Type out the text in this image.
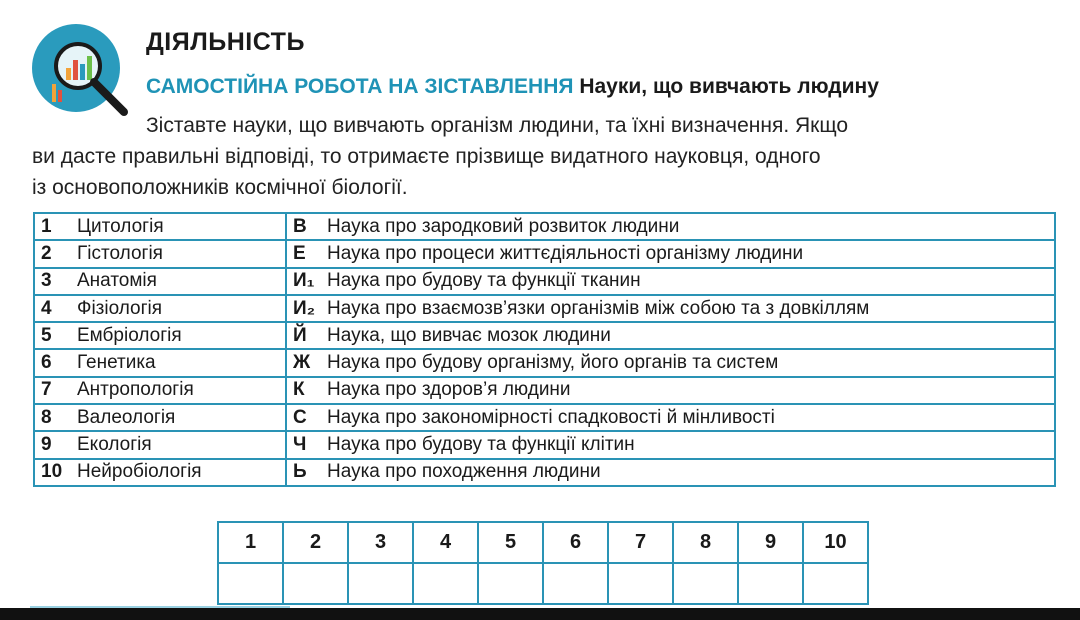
ДІЯЛЬНІСТЬ
САМОСТІЙНА РОБОТА НА ЗІСТАВЛЕННЯ Науки, що вивчають людину
Зіставте науки, що вивчають організм людини, та їхні визначення. Якщо
ви дасте правильні відповіді, то отримаєте прізвище видатного науковця, одного
із основоположників космічної біології.
1 Цитологія	В Наука про зародковий розвиток людини
2 Гістологія	Е Наука про процеси життєдіяльності організму людини
3 Анатомія	И₁ Наука про будову та функції тканин
4 Фізіологія	И₂ Наука про взаємозв’язки організмів між собою та з довкіллям
5 Ембріологія	Й Наука, що вивчає мозок людини
6 Генетика	Ж Наука про будову організму, його органів та систем
7 Антропологія	К Наука про здоров’я людини
8 Валеологія	С Наука про закономірності спадковості й мінливості
9 Екологія	Ч Наука про будову та функції клітин
10 Нейробіологія	Ь Наука про походження людини
1	2	3	4	5	6	7	8	9	10
